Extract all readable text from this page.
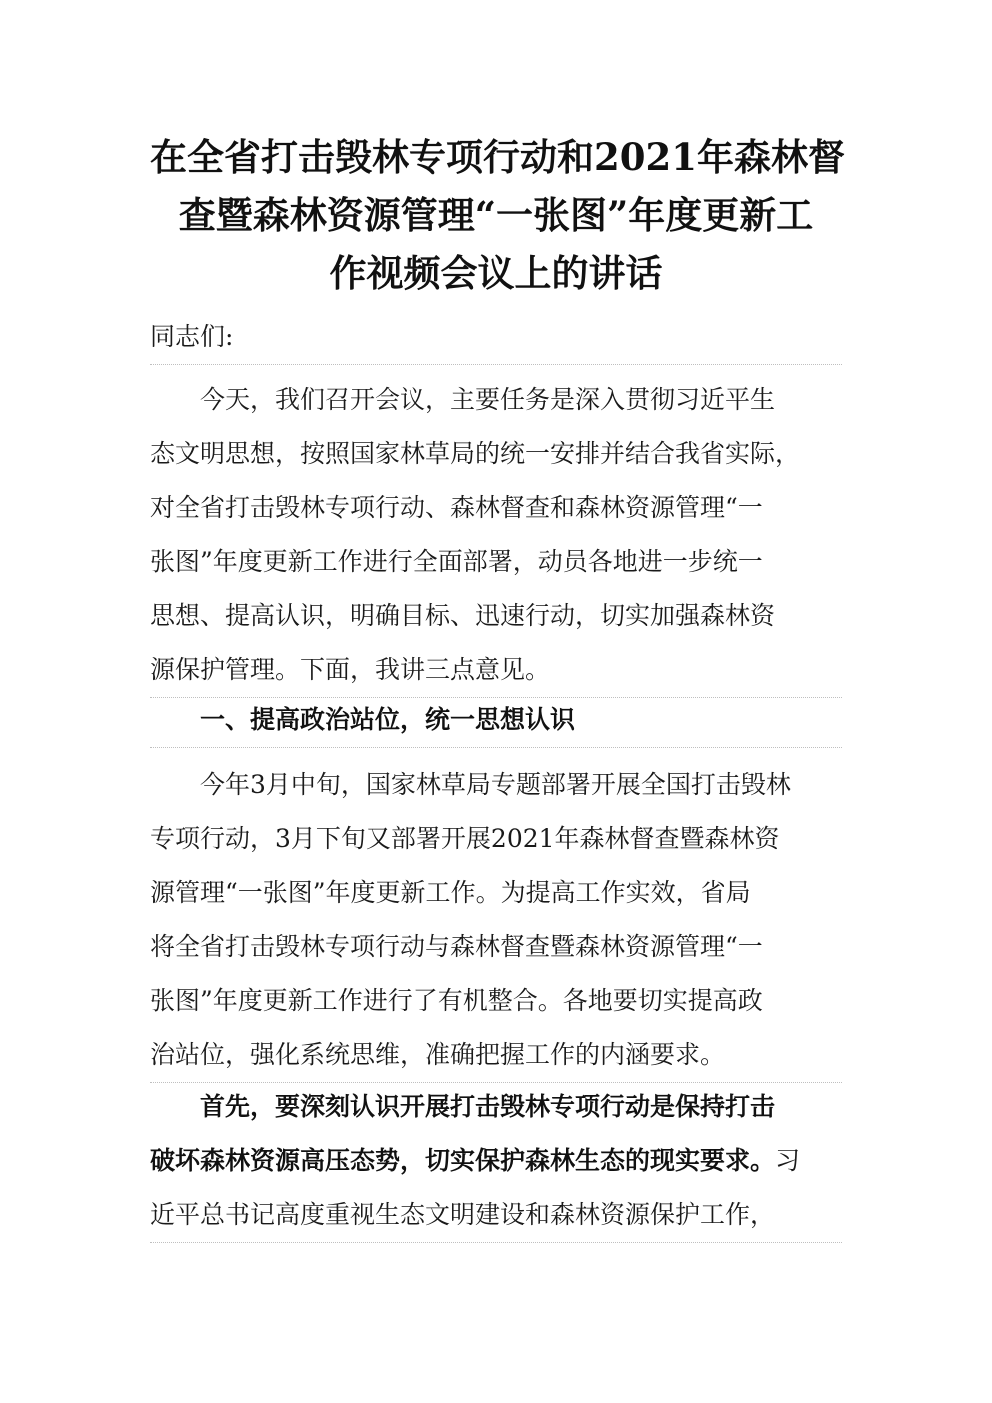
在全省打击毁林专项行动和2021年森林督
查暨森林资源管理“一张图”年度更新工
作视频会议上的讲话
同志们:
今天，我们召开会议，主要任务是深入贯彻习近平生
态文明思想，按照国家林草局的统一安排并结合我省实际，
对全省打击毁林专项行动、森林督查和森林资源管理“一
张图”年度更新工作进行全面部署，动员各地进一步统一
思想、提高认识，明确目标、迅速行动，切实加强森林资
源保护管理。下面，我讲三点意见。
一、提高政治站位，统一思想认识
今年3月中旬，国家林草局专题部署开展全国打击毁林
专项行动，3月下旬又部署开展2021年森林督查暨森林资
源管理“一张图”年度更新工作。为提高工作实效，省局
将全省打击毁林专项行动与森林督查暨森林资源管理“一
张图”年度更新工作进行了有机整合。各地要切实提高政
治站位，强化系统思维，准确把握工作的内涵要求。
首先，要深刻认识开展打击毁林专项行动是保持打击
破坏森林资源高压态势，切实保护森林生态的现实要求。习
近平总书记高度重视生态文明建设和森林资源保护工作，
